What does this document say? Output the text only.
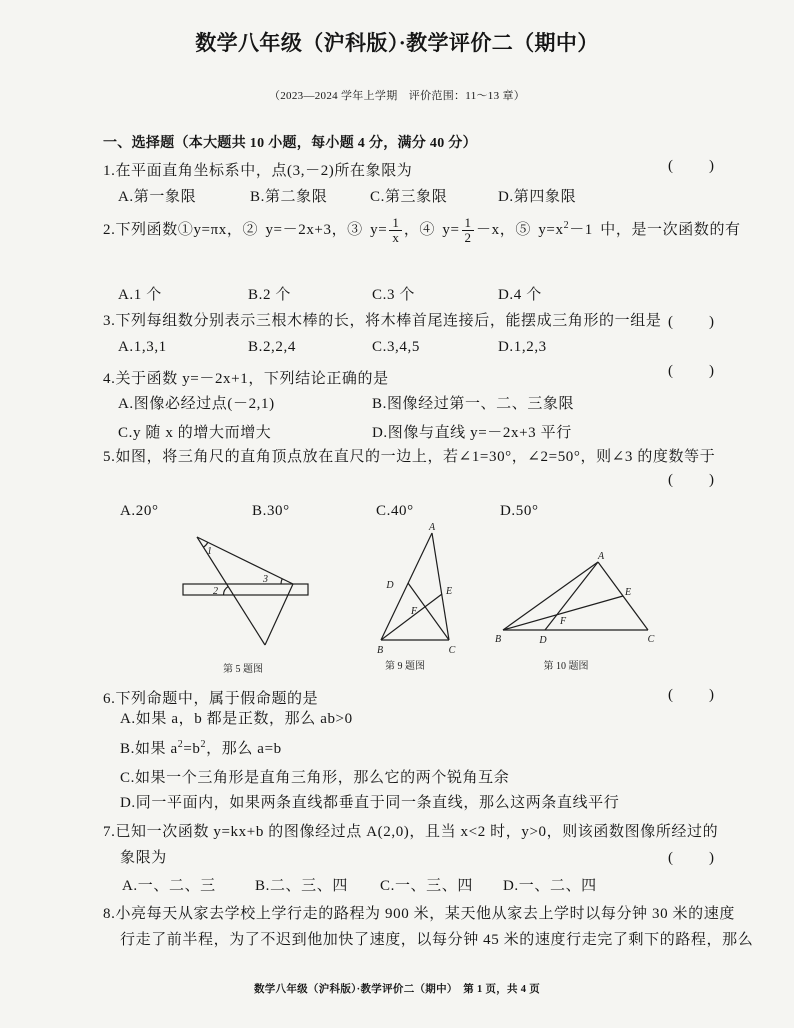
1
2
3
第 5 题图
A
D
E
F
B	C
第 9 题图
A
E
F
B	D	C
第 10 题图
数学八年级（沪科版）·教学评价二（期中）
（2023—2024 学年上学期　评价范围：11～13 章）
一、选择题（本大题共 10 小题，每小题 4 分，满分 40 分）
1.在平面直角坐标系中，点(3,－2)所在象限为	(　　)
A.第一象限	B.第二象限	C.第三象限	D.第四象限
2.下列函数①y=πx，② y=－2x+3，③ $y= \frac{1}{x}$ ，④ $y= \frac{1}{2} -x$，⑤ $y=x^2-1$ 中，是一次函数的有
A.1 个	B.2 个	C.3 个	D.4 个
3.下列每组数分别表示三根木棒的长，将木棒首尾连接后，能摆成三角形的一组是 (　　)
A.1,3,1	B.2,2,4	C.3,4,5	D.1,2,3
4.关于函数 y=－2x+1，下列结论正确的是	(　　)
A.图像必经过点(－2,1)	B.图像经过第一、二、三象限
C.y 随 x 的增大而增大	D.图像与直线 y=－2x+3 平行
5.如图，将三角尺的直角顶点放在直尺的一边上，若∠1=30°，∠2=50°，则∠3 的度数等于
(　　)
A.20°	B.30°	C.40°	D.50°
6.下列命题中，属于假命题的是	(　　)
A.如果 a，b 都是正数，那么 ab>0
B.如果 $a^2=b^2$，那么 a=b
C.如果一个三角形是直角三角形，那么它的两个锐角互余
D.同一平面内，如果两条直线都垂直于同一条直线，那么这两条直线平行
7.已知一次函数 y=kx+b 的图像经过点 A(2,0)，且当 x<2 时，y>0，则该函数图像所经过的
象限为	(　　)
A.一、二、三	B.二、三、四 C.一、三、四 D.一、二、四
8.小亮每天从家去学校上学行走的路程为 900 米，某天他从家去上学时以每分钟 30 米的速度
行走了前半程，为了不迟到他加快了速度，以每分钟 45 米的速度行走完了剩下的路程，那么
数学八年级（沪科版）·教学评价二（期中）　第 1 页，共 4 页
